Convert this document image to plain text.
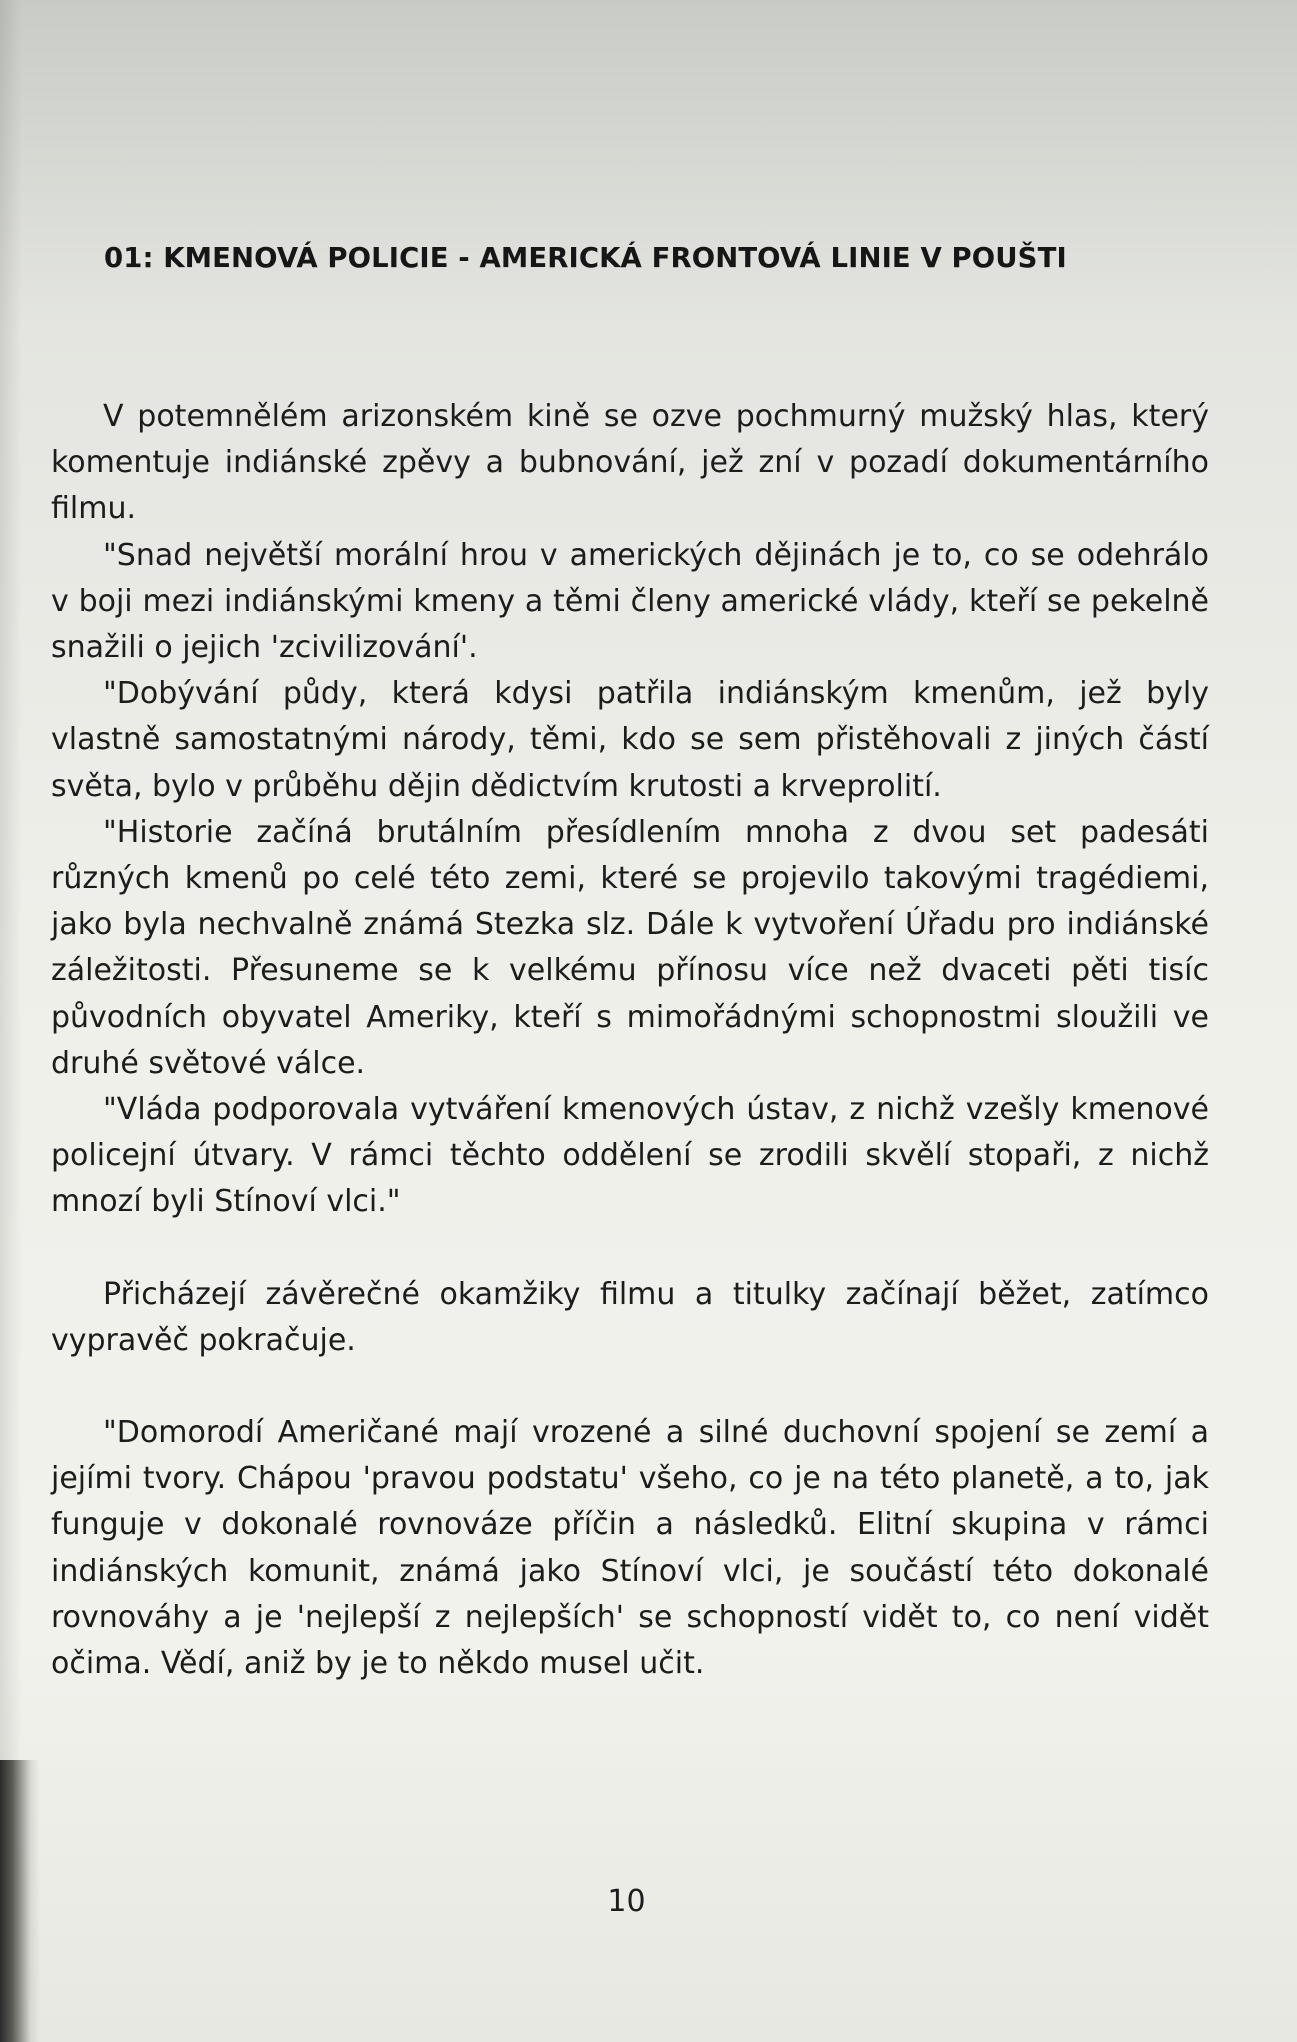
01: KMENOVÁ POLICIE - AMERICKÁ FRONTOVÁ LINIE V POUŠTI

V potemnělém arizonském kině se ozve pochmurný mužský hlas, který komentuje indiánské zpěvy a bubnování, jež zní v pozadí dokumentárního filmu.

"Snad největší morální hrou v amerických dějinách je to, co se odehrálo v boji mezi indiánskými kmeny a těmi členy americké vlády, kteří se pekelně snažili o jejich 'zcivilizování'.

"Dobývání půdy, která kdysi patřila indiánským kmenům, jež byly vlastně samostatnými národy, těmi, kdo se sem přistěhovali z jiných částí světa, bylo v průběhu dějin dědictvím krutosti a krveprolití.

"Historie začíná brutálním přesídlením mnoha z dvou set padesáti různých kmenů po celé této zemi, které se projevilo takovými tragédiemi, jako byla nechvalně známá Stezka slz. Dále k vytvoření Úřadu pro indiánské záležitosti. Přesuneme se k velkému přínosu více než dvaceti pěti tisíc původních obyvatel Ameriky, kteří s mimořádnými schopnostmi sloužili ve druhé světové válce.

"Vláda podporovala vytváření kmenových ústav, z nichž vzešly kmenové policejní útvary. V rámci těchto oddělení se zrodili skvělí stopaři, z nichž mnozí byli Stínoví vlci."

Přicházejí závěrečné okamžiky filmu a titulky začínají běžet, zatímco vypravěč pokračuje.

"Domorodí Američané mají vrozené a silné duchovní spojení se zemí a jejími tvory. Chápou 'pravou podstatu' všeho, co je na této planetě, a to, jak funguje v dokonalé rovnováze příčin a následků. Elitní skupina v rámci indiánských komunit, známá jako Stínoví vlci, je součástí této dokonalé rovnováhy a je 'nejlepší z nejlepších' se schopností vidět to, co není vidět očima. Vědí, aniž by je to někdo musel učit.

10
